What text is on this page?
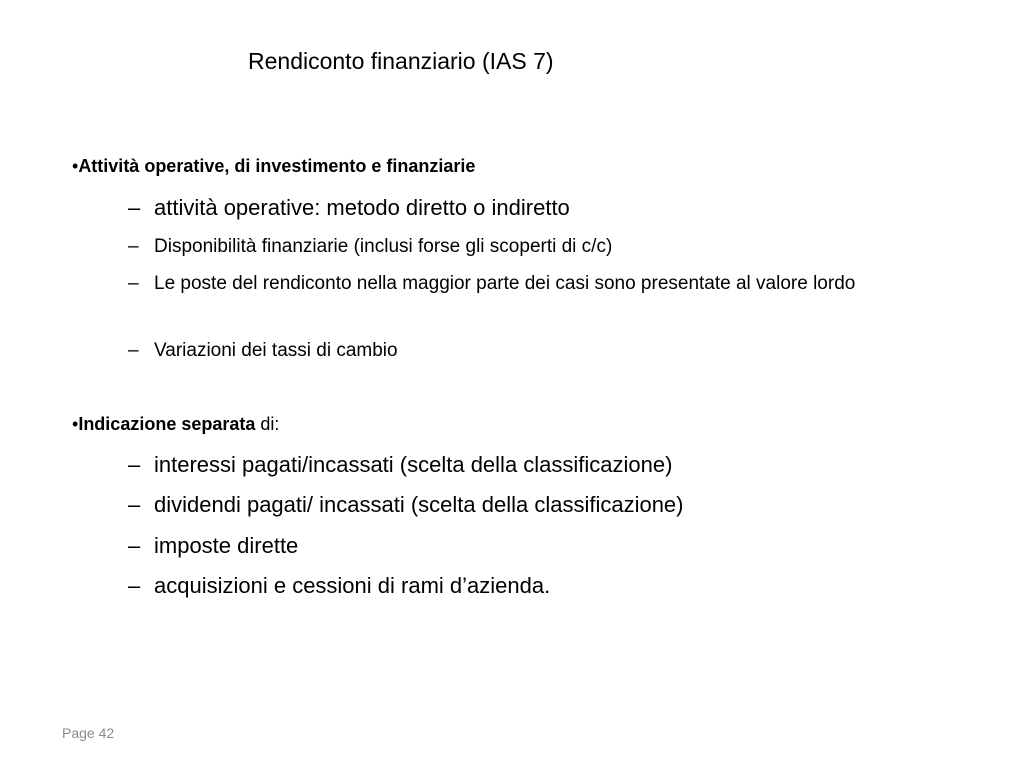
Rendiconto finanziario (IAS 7)
•Attività operative, di investimento e finanziarie
– attività operative: metodo diretto o indiretto
– Disponibilità finanziarie (inclusi forse gli scoperti di c/c)
– Le poste del rendiconto nella maggior parte dei casi sono presentate al valore lordo
– Variazioni dei tassi di cambio
•Indicazione separata di:
– interessi pagati/incassati (scelta della classificazione)
– dividendi pagati/ incassati (scelta della classificazione)
– imposte dirette
– acquisizioni e cessioni di rami d’azienda.
Page 42
